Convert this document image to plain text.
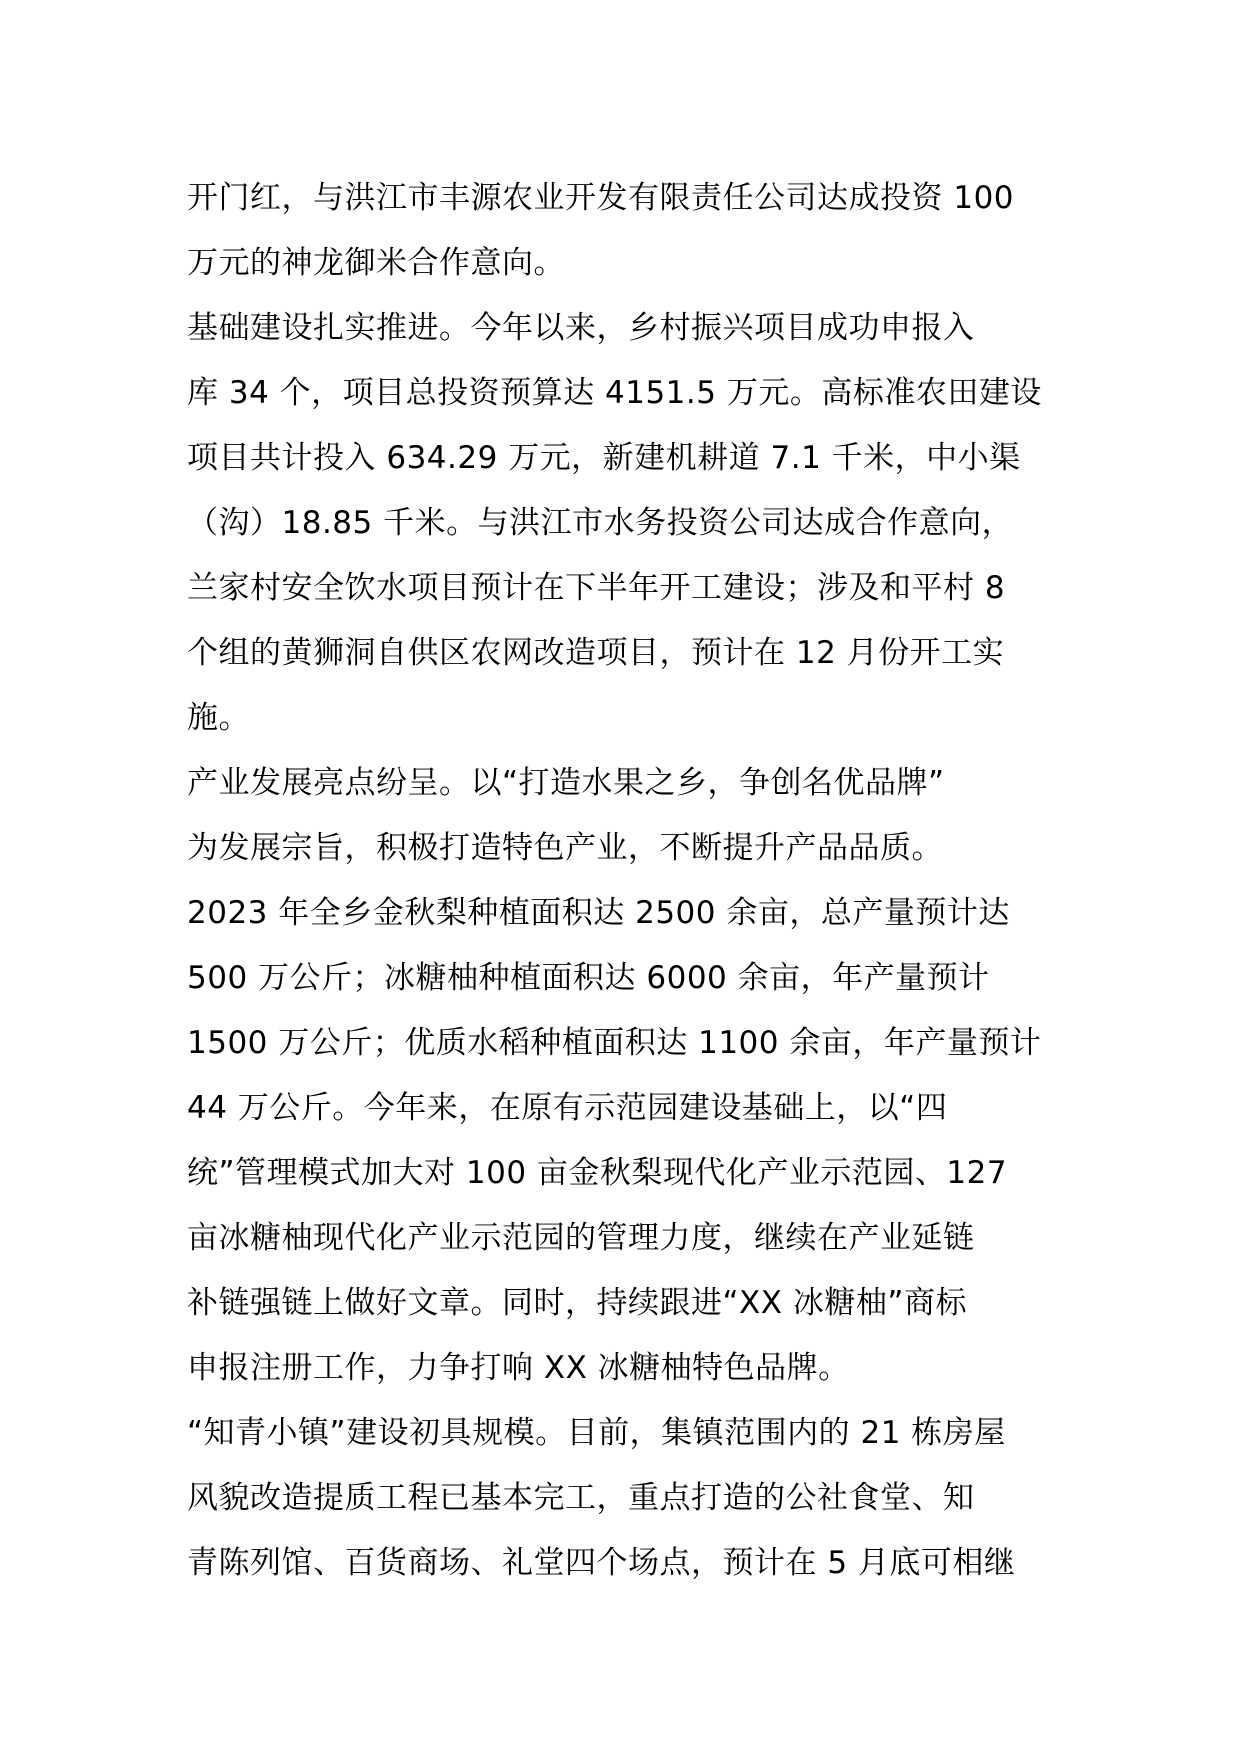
开门红，与洪江市丰源农业开发有限责任公司达成投资 100
万元的神龙御米合作意向。
基础建设扎实推进。今年以来，乡村振兴项目成功申报入
库 34 个，项目总投资预算达 4151.5 万元。高标准农田建设
项目共计投入 634.29 万元，新建机耕道 7.1 千米，中小渠
（沟）18.85 千米。与洪江市水务投资公司达成合作意向，
兰家村安全饮水项目预计在下半年开工建设；涉及和平村 8
个组的黄狮洞自供区农网改造项目，预计在 12 月份开工实
施。
产业发展亮点纷呈。以“打造水果之乡，争创名优品牌”
为发展宗旨，积极打造特色产业，不断提升产品品质。
2023 年全乡金秋梨种植面积达 2500 余亩，总产量预计达
500 万公斤；冰糖柚种植面积达 6000 余亩，年产量预计
1500 万公斤；优质水稻种植面积达 1100 余亩，年产量预计
44 万公斤。今年来，在原有示范园建设基础上，以“四
统”管理模式加大对 100 亩金秋梨现代化产业示范园、127
亩冰糖柚现代化产业示范园的管理力度，继续在产业延链
补链强链上做好文章。同时，持续跟进“XX 冰糖柚”商标
申报注册工作，力争打响 XX 冰糖柚特色品牌。
“知青小镇”建设初具规模。目前，集镇范围内的 21 栋房屋
风貌改造提质工程已基本完工，重点打造的公社食堂、知
青陈列馆、百货商场、礼堂四个场点，预计在 5 月底可相继
